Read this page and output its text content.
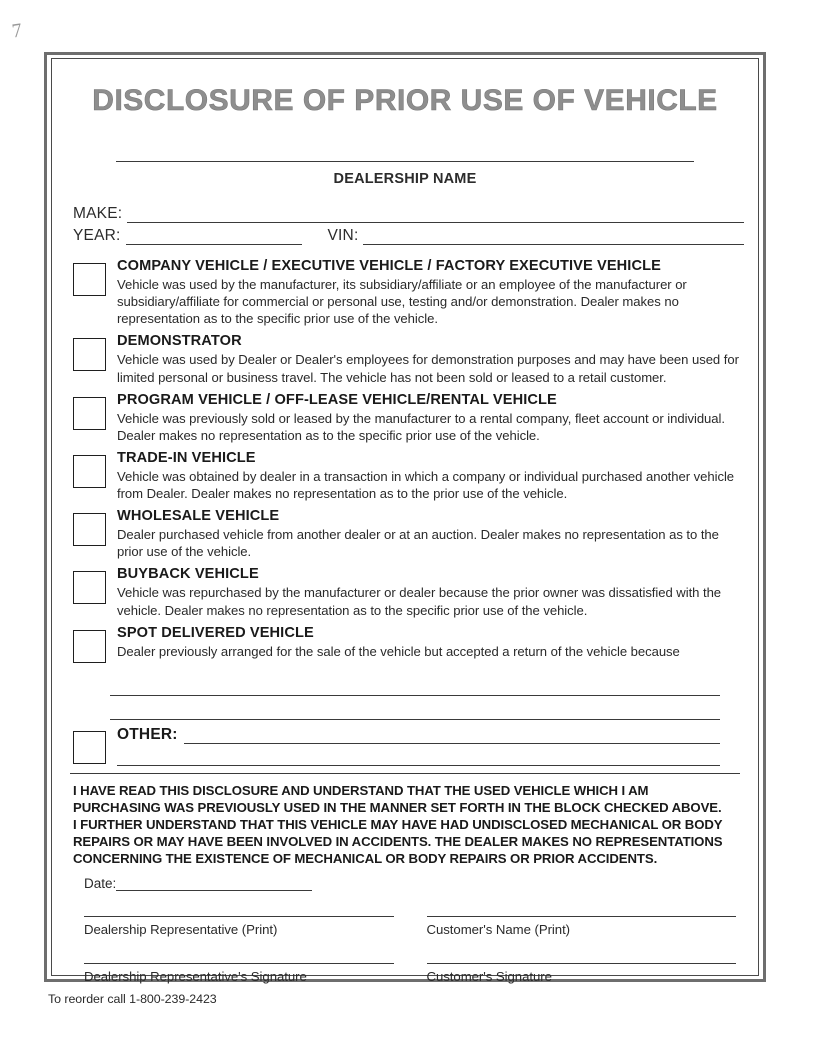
7
DISCLOSURE OF PRIOR USE OF VEHICLE
DEALERSHIP NAME
MAKE:
YEAR:	VIN:
COMPANY VEHICLE / EXECUTIVE VEHICLE / FACTORY EXECUTIVE VEHICLE
Vehicle was used by the manufacturer, its subsidiary/affiliate or an employee of the manufacturer or subsidiary/affiliate for commercial or personal use, testing and/or demonstration. Dealer makes no representation as to the specific prior use of the vehicle.
DEMONSTRATOR
Vehicle was used by Dealer or Dealer's employees for demonstration purposes and may have been used for limited personal or business travel. The vehicle has not been sold or leased to a retail customer.
PROGRAM VEHICLE / OFF-LEASE VEHICLE/RENTAL VEHICLE
Vehicle was previously sold or leased by the manufacturer to a rental company, fleet account or individual. Dealer makes no representation as to the specific prior use of the vehicle.
TRADE-IN VEHICLE
Vehicle was obtained by dealer in a transaction in which a company or individual purchased another vehicle from Dealer. Dealer makes no representation as to the prior use of the vehicle.
WHOLESALE VEHICLE
Dealer purchased vehicle from another dealer or at an auction. Dealer makes no representation as to the prior use of the vehicle.
BUYBACK VEHICLE
Vehicle was repurchased by the manufacturer or dealer because the prior owner was dissatisfied with the vehicle. Dealer makes no representation as to the specific prior use of the vehicle.
SPOT DELIVERED VEHICLE
Dealer previously arranged for the sale of the vehicle but accepted a return of the vehicle because
OTHER:

I HAVE READ THIS DISCLOSURE AND UNDERSTAND THAT THE USED VEHICLE WHICH I AM

PURCHASING WAS PREVIOUSLY USED IN THE MANNER SET FORTH IN THE BLOCK CHECKED ABOVE.

I FURTHER UNDERSTAND THAT THIS VEHICLE MAY HAVE HAD UNDISCLOSED MECHANICAL OR BODY

REPAIRS OR MAY HAVE BEEN INVOLVED IN ACCIDENTS. THE DEALER MAKES NO REPRESENTATIONS

CONCERNING THE EXISTENCE OF MECHANICAL OR BODY REPAIRS OR PRIOR ACCIDENTS.

Date:
Dealership Representative (Print)	Customer's Name (Print)
Dealership Representative's Signature	Customer's Signature
To reorder call 1-800-239-2423
